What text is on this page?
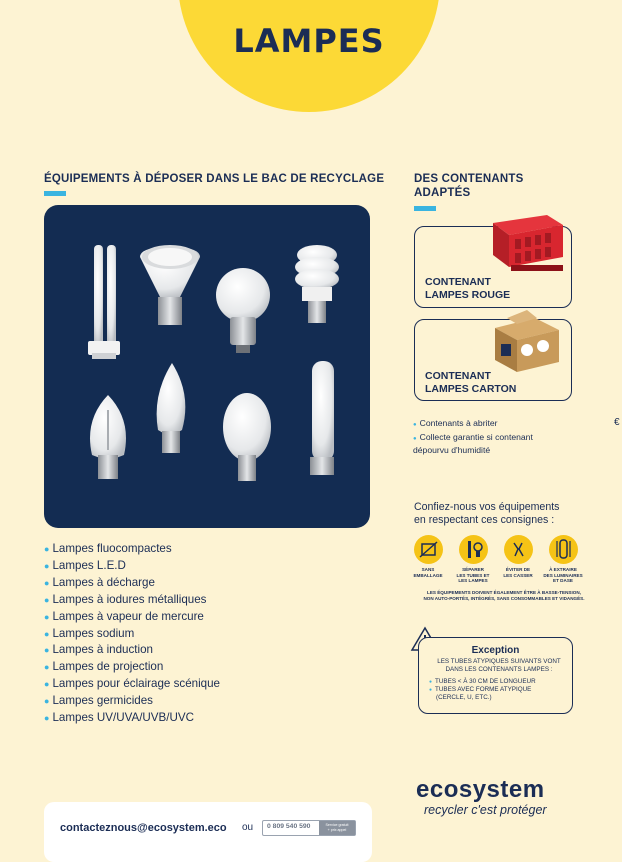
LAMPES
ÉQUIPEMENTS À DÉPOSER DANS LE BAC DE RECYCLAGE
● Lampes fluocompactes
● Lampes L.E.D
● Lampes à décharge
● Lampes à iodures métalliques
● Lampes à vapeur de mercure
● Lampes sodium
● Lampes à induction
● Lampes de projection
● Lampes pour éclairage scénique
● Lampes germicides
● Lampes UV/UVA/UVB/UVC
DES CONTENANTS
ADAPTÉS
CONTENANT
LAMPES ROUGE
CONTENANT
LAMPES CARTON
● Contenants à abriter
● Collecte garantie si contenant
dépourvu d'humidité
€
Confiez-nous vos équipements
en respectant ces consignes :
SANS
EMBALLAGE
SÉPARER
LES TUBES ET
LES LAMPES
ÉVITER DE
LES CASSER
À EXTRAIRE
DES LUMINAIRES
ET DASE
LES ÉQUIPEMENTS DOIVENT ÉGALEMENT ÊTRE À BASSE-TENSION,
NON AUTO-PORTÉS, INTÉGRÉS, SANS CONSOMMABLES ET VIDANGÉS.
Exception
LES TUBES ATYPIQUES SUIVANTS VONT
DANS LES CONTENANTS LAMPES :
● TUBES < À 30 CM DE LONGUEUR
● TUBES AVEC FORME ATYPIQUE
(CERCLE, U, ETC.)
ecosystem
recycler c'est protéger
contacteznous@ecosystem.eco ou 0 809 540 590	Service gratuit
+ prix appel
